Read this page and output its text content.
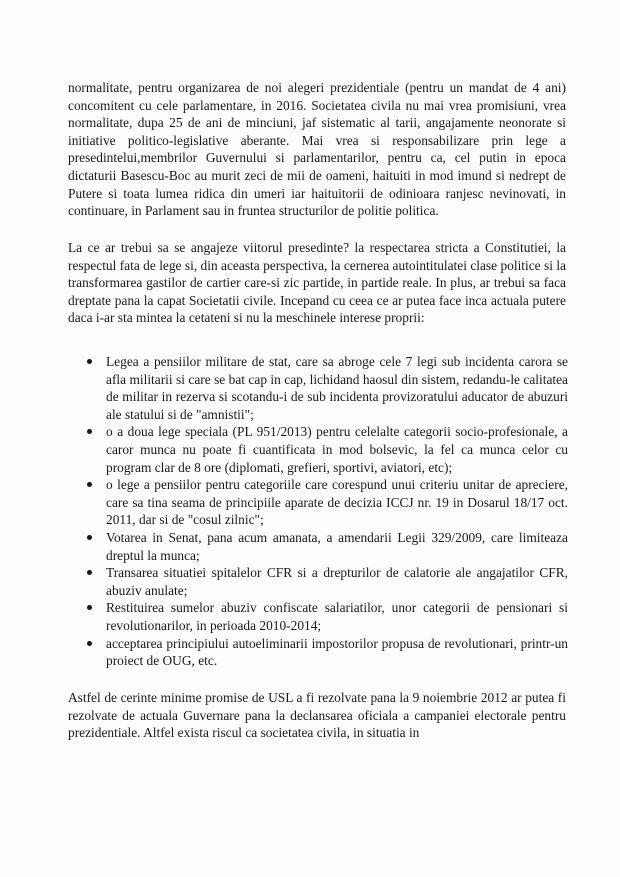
normalitate, pentru organizarea de noi alegeri prezidentiale (pentru un mandat de 4 ani) concomitent cu cele parlamentare, in 2016. Societatea civila nu mai vrea promisiuni, vrea normalitate, dupa 25 de ani de minciuni, jaf sistematic al tarii, angajamente neonorate si initiative politico-legislative aberante. Mai vrea si responsabilizare prin lege a presedintelui,membrilor Guvernului si parlamentarilor, pentru ca, cel putin in epoca dictaturii Basescu-Boc au murit zeci de mii de oameni, haituiti in mod imund si nedrept de Putere si toata lumea ridica din umeri iar haituitorii de odinioara ranjesc nevinovati, in continuare, in Parlament sau in fruntea structurilor de politie politica.

La ce ar trebui sa se angajeze viitorul presedinte? la respectarea stricta a Constitutiei, la respectul fata de lege si, din aceasta perspectiva, la cernerea autointitulatei clase politice si la transformarea gastilor de cartier care-si zic partide, in partide reale. In plus, ar trebui sa faca dreptate pana la capat Societatii civile. Incepand cu ceea ce ar putea face inca actuala putere daca i-ar sta mintea la cetateni si nu la meschinele interese proprii:

Legea a pensiilor militare de stat, care sa abroge cele 7 legi sub incidenta carora se afla militarii si care se bat cap in cap, lichidand haosul din sistem, redandu-le calitatea de militar in rezerva si scotandu-i de sub incidenta provizoratului aducator de abuzuri ale statului si de "amnistii";
o a doua lege speciala (PL 951/2013) pentru celelalte categorii socio-profesionale, a caror munca nu poate fi cuantificata in mod bolsevic, la fel ca munca celor cu program clar de 8 ore (diplomati, grefieri, sportivi, aviatori, etc);
o lege a pensiilor pentru categoriile care corespund unui criteriu unitar de apreciere, care sa tina seama de principiile aparate de decizia ICCJ nr. 19 in Dosarul 18/17 oct. 2011, dar si de "cosul zilnic";
Votarea in Senat, pana acum amanata, a amendarii Legii 329/2009, care limiteaza dreptul la munca;
Transarea situatiei spitalelor CFR si a drepturilor de calatorie ale angajatilor CFR, abuziv anulate;
Restituirea sumelor abuziv confiscate salariatilor, unor categorii de pensionari si revolutionarilor, in perioada 2010-2014;
acceptarea principiului autoeliminarii impostorilor propusa de revolutionari, printr-un proiect de OUG, etc.

Astfel de cerinte minime promise de USL a fi rezolvate pana la 9 noiembrie 2012 ar putea fi rezolvate de actuala Guvernare pana la declansarea oficiala a campaniei electorale pentru prezidentiale. Altfel exista riscul ca societatea civila, in situatia in
